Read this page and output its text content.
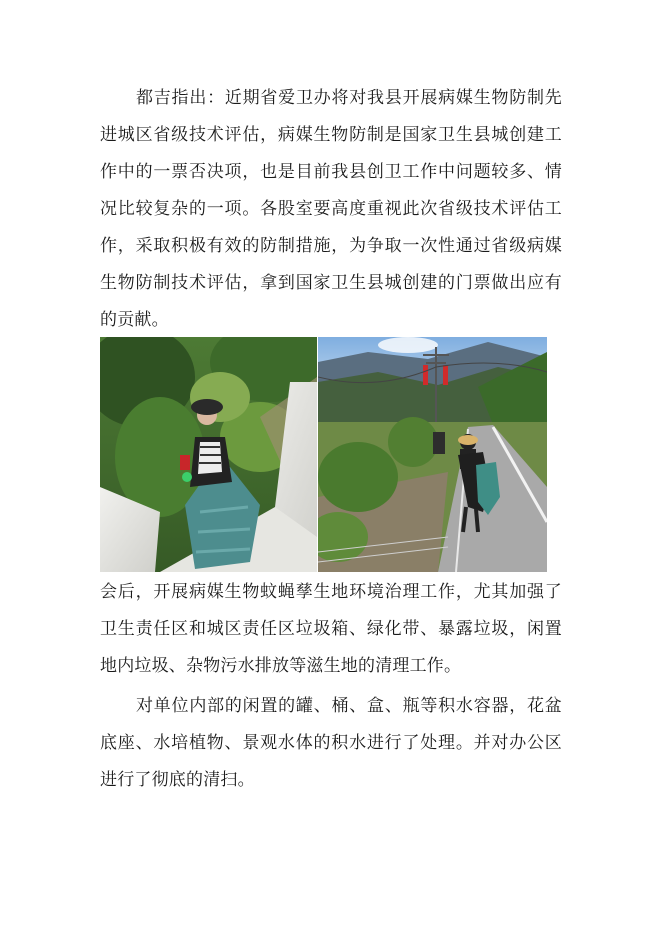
都吉指出：近期省爱卫办将对我县开展病媒生物防制先进城区省级技术评估，病媒生物防制是国家卫生县城创建工作中的一票否决项，也是目前我县创卫工作中问题较多、情况比较复杂的一项。各股室要高度重视此次省级技术评估工作，采取积极有效的防制措施，为争取一次性通过省级病媒生物防制技术评估，拿到国家卫生县城创建的门票做出应有的贡献。

会后，开展病媒生物蚊蝇孳生地环境治理工作，尤其加强了卫生责任区和城区责任区垃圾箱、绿化带、暴露垃圾，闲置地内垃圾、杂物污水排放等滋生地的清理工作。

对单位内部的闲置的罐、桶、盒、瓶等积水容器，花盆底座、水培植物、景观水体的积水进行了处理。并对办公区进行了彻底的清扫。
